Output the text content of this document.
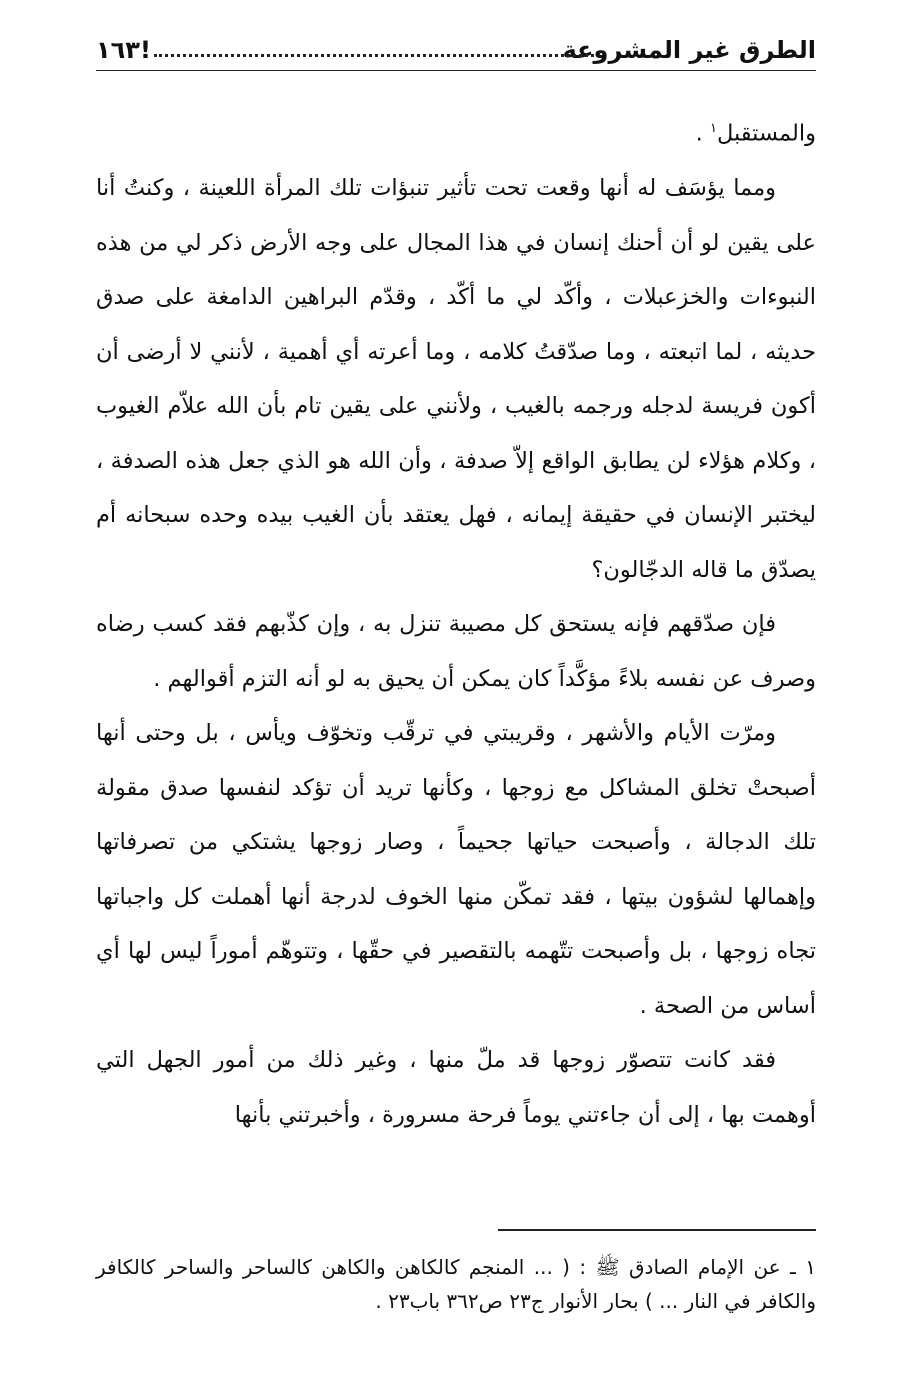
الطرق غير المشروعة
!١٦٣

والمستقبل$^١$ .

ومما يؤسَف له أنها وقعت تحت تأثير تنبؤات تلك المرأة اللعينة ، وكنتُ أنا على يقين لو أن أحنك إنسان في هذا المجال على وجه الأرض ذكر لي من هذه النبوءات والخزعبلات ، وأكّد لي ما أكّد ، وقدّم البراهين الدامغة على صدق حديثه ، لما اتبعته ، وما صدّقتُ كلامه ، وما أعرته أي أهمية ، لأنني لا أرضى أن أكون فريسة لدجله ورجمه بالغيب ، ولأنني على يقين تام بأن الله علاّم الغيوب ، وكلام هؤلاء لن يطابق الواقع إلاّ صدفة ، وأن الله هو الذي جعل هذه الصدفة ، ليختبر الإنسان في حقيقة إيمانه ، فهل يعتقد بأن الغيب بيده وحده سبحانه أم يصدّق ما قاله الدجّالون؟

فإن صدّقهم فإنه يستحق كل مصيبة تنزل به ، وإن كذّبهم فقد كسب رضاه وصرف عن نفسه بلاءً مؤكَّداً كان يمكن أن يحيق به لو أنه التزم أقوالهم .

ومرّت الأيام والأشهر ، وقريبتي في ترقّب وتخوّف ويأس ، بل وحتى أنها أصبحتْ تخلق المشاكل مع زوجها ، وكأنها تريد أن تؤكد لنفسها صدق مقولة تلك الدجالة ، وأصبحت حياتها جحيماً ، وصار زوجها يشتكي من تصرفاتها وإهمالها لشؤون بيتها ، فقد تمكّن منها الخوف لدرجة أنها أهملت كل واجباتها تجاه زوجها ، بل وأصبحت تتّهمه بالتقصير في حقّها ، وتتوهّم أموراً ليس لها أي أساس من الصحة .

فقد كانت تتصوّر زوجها قد ملّ منها ، وغير ذلك من أمور الجهل التي أوهمت بها ، إلى أن جاءتني يوماً فرحة مسرورة ، وأخبرتني بأنها

١ ـ عن الإمام الصادق ﷺ : ( ... المنجم كالكاهن والكاهن كالساحر والساحر كالكافر والكافر في النار ... ) بحار الأنوار ج٢٣ ص٣٦٢ باب٢٣ .
